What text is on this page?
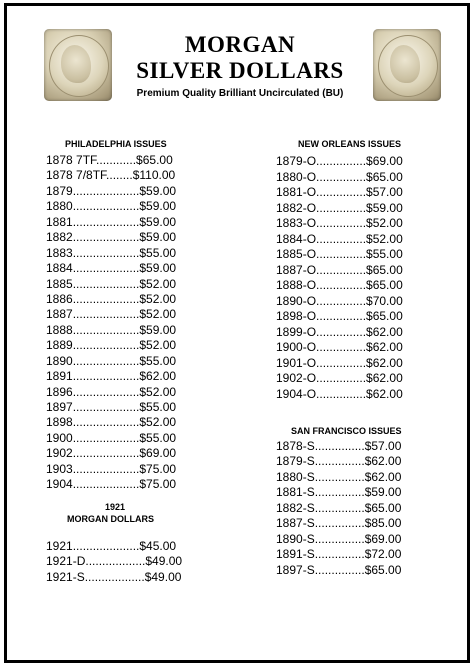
MORGAN
SILVER DOLLARS
Premium Quality Brilliant Uncirculated (BU)
PHILADELPHIA ISSUES
1878 7TF............$65.00
1878 7/8TF........$110.00
1879....................$59.00
1880....................$59.00
1881....................$59.00
1882....................$59.00
1883....................$55.00
1884....................$59.00
1885....................$52.00
1886....................$52.00
1887....................$52.00
1888....................$59.00
1889....................$52.00
1890....................$55.00
1891....................$62.00
1896....................$52.00
1897....................$55.00
1898....................$52.00
1900....................$55.00
1902....................$69.00
1903....................$75.00
1904....................$75.00
1921
MORGAN DOLLARS
1921....................$45.00
1921-D..................$49.00
1921-S..................$49.00
NEW ORLEANS ISSUES
1879-O...............$69.00
1880-O...............$65.00
1881-O...............$57.00
1882-O...............$59.00
1883-O...............$52.00
1884-O...............$52.00
1885-O...............$55.00
1887-O...............$65.00
1888-O...............$65.00
1890-O...............$70.00
1898-O...............$65.00
1899-O...............$62.00
1900-O...............$62.00
1901-O...............$62.00
1902-O...............$62.00
1904-O...............$62.00
SAN FRANCISCO ISSUES
1878-S...............$57.00
1879-S...............$62.00
1880-S...............$62.00
1881-S...............$59.00
1882-S...............$65.00
1887-S...............$85.00
1890-S...............$69.00
1891-S...............$72.00
1897-S...............$65.00
